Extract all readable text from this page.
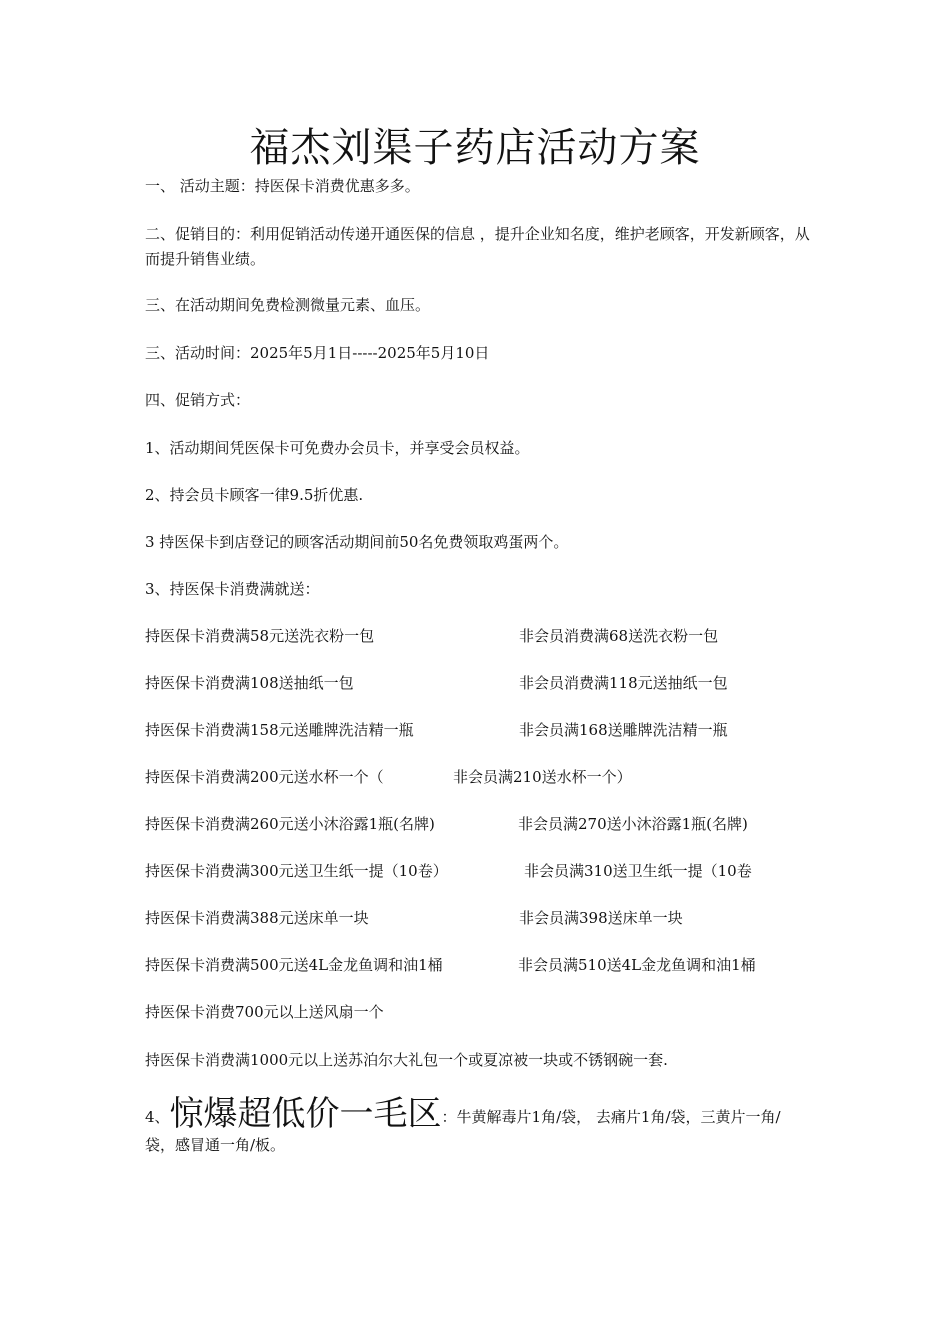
福杰刘渠子药店活动方案
一、 活动主题：持医保卡消费优惠多多。
二、促销目的：利用促销活动传递开通医保的信息 ，提升企业知名度，维护老顾客，开发新顾客，从而提升销售业绩。
三、在活动期间免费检测微量元素、血压。
三、活动时间：2025年5月1日-----2025年5月10日
四、促销方式：
1、活动期间凭医保卡可免费办会员卡，并享受会员权益。
2、持会员卡顾客一律9.5折优惠.
3 持医保卡到店登记的顾客活动期间前50名免费领取鸡蛋两个。
3、持医保卡消费满就送：
持医保卡消费满58元送洗衣粉一包	非会员消费满68送洗衣粉一包
持医保卡消费满108送抽纸一包	非会员消费满118元送抽纸一包
持医保卡消费满158元送雕牌洗洁精一瓶	非会员满168送雕牌洗洁精一瓶
持医保卡消费满200元送水杯一个（	非会员满210送水杯一个）
持医保卡消费满260元送小沐浴露1瓶(名牌)	非会员满270送小沐浴露1瓶(名牌)
持医保卡消费满300元送卫生纸一提（10卷）	非会员满310送卫生纸一提（10卷
持医保卡消费满388元送床单一块	非会员满398送床单一块
持医保卡消费满500元送4L金龙鱼调和油1桶	非会员满510送4L金龙鱼调和油1桶
持医保卡消费700元以上送风扇一个
持医保卡消费满1000元以上送苏泊尔大礼包一个或夏凉被一块或不锈钢碗一套.
4、惊爆超低价一毛区：牛黄解毒片1角/袋， 去痛片1角/袋，三黄片一角/袋，感冒通一角/板。
